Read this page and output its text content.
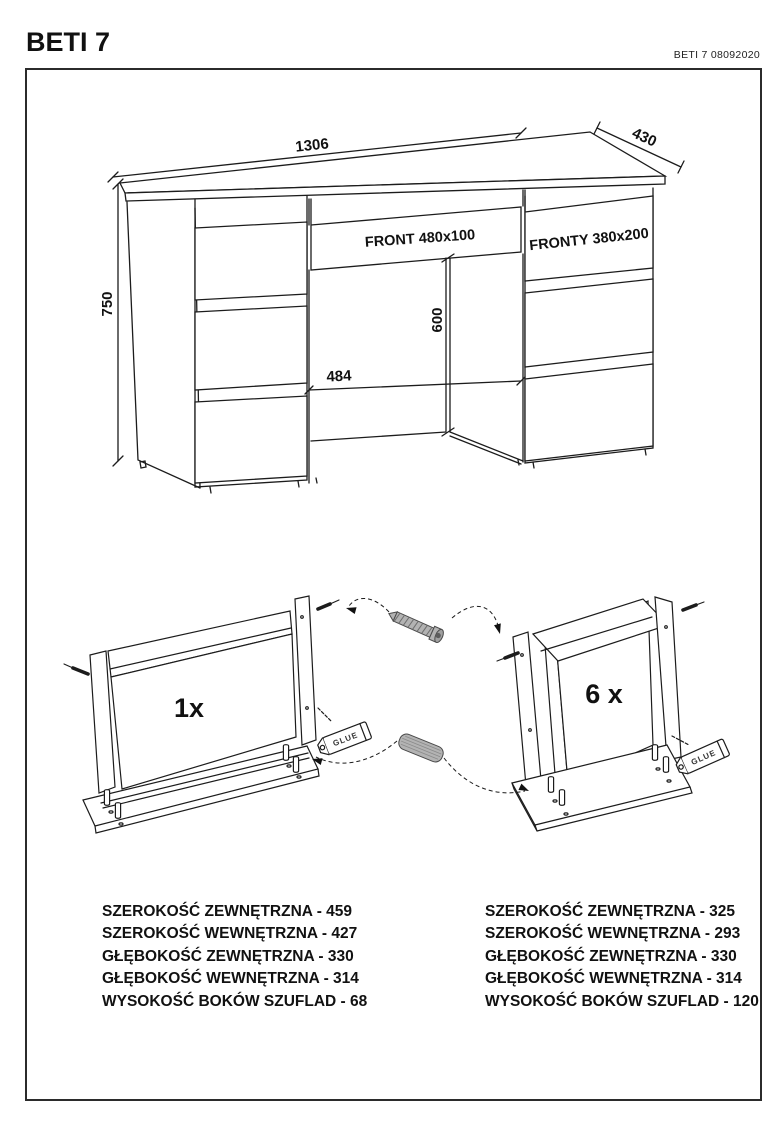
BETI 7	BETI 7 08092020
1306	430
750
600
484
FRONT 480x100	FRONTY 380x200
1x
GLUE
6 x
GLUE
SZEROKOŚĆ ZEWNĘTRZNA - 459
SZEROKOŚĆ WEWNĘTRZNA - 427
GŁĘBOKOŚĆ ZEWNĘTRZNA - 330
GŁĘBOKOŚĆ WEWNĘTRZNA - 314
WYSOKOŚĆ BOKÓW SZUFLAD - 68
SZEROKOŚĆ ZEWNĘTRZNA - 325
SZEROKOŚĆ WEWNĘTRZNA - 293
GŁĘBOKOŚĆ ZEWNĘTRZNA - 330
GŁĘBOKOŚĆ WEWNĘTRZNA - 314
WYSOKOŚĆ BOKÓW SZUFLAD - 120
